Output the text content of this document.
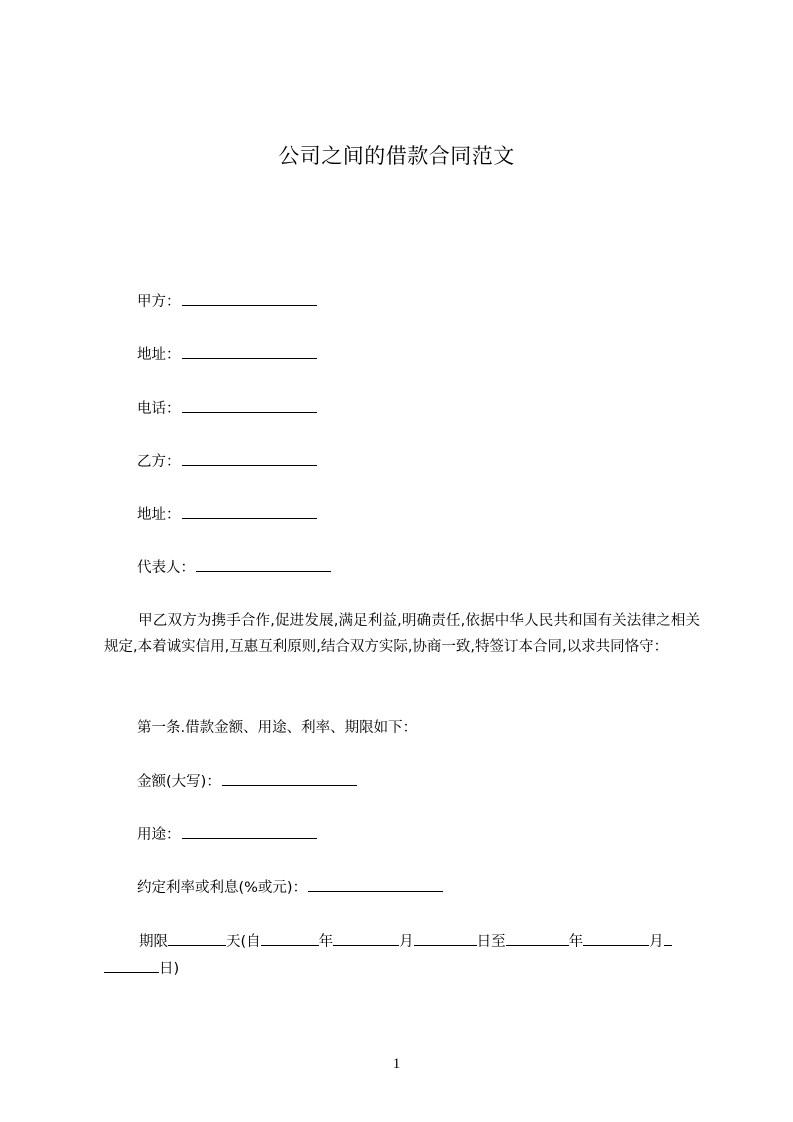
公司之间的借款合同范文
甲方：
地址：
电话：
乙方：
地址：
代表人：
甲乙双方为携手合作,促进发展,满足利益,明确责任,依据中华人民共和国有关法律之相关规定,本着诚实信用,互惠互利原则,结合双方实际,协商一致,特签订本合同,以求共同恪守：
第一条.借款金额、用途、利率、期限如下：
金额(大写)：
用途：
约定利率或利息(%或元)：
期限	天(自	年	月	日至	年	月
日)
1
